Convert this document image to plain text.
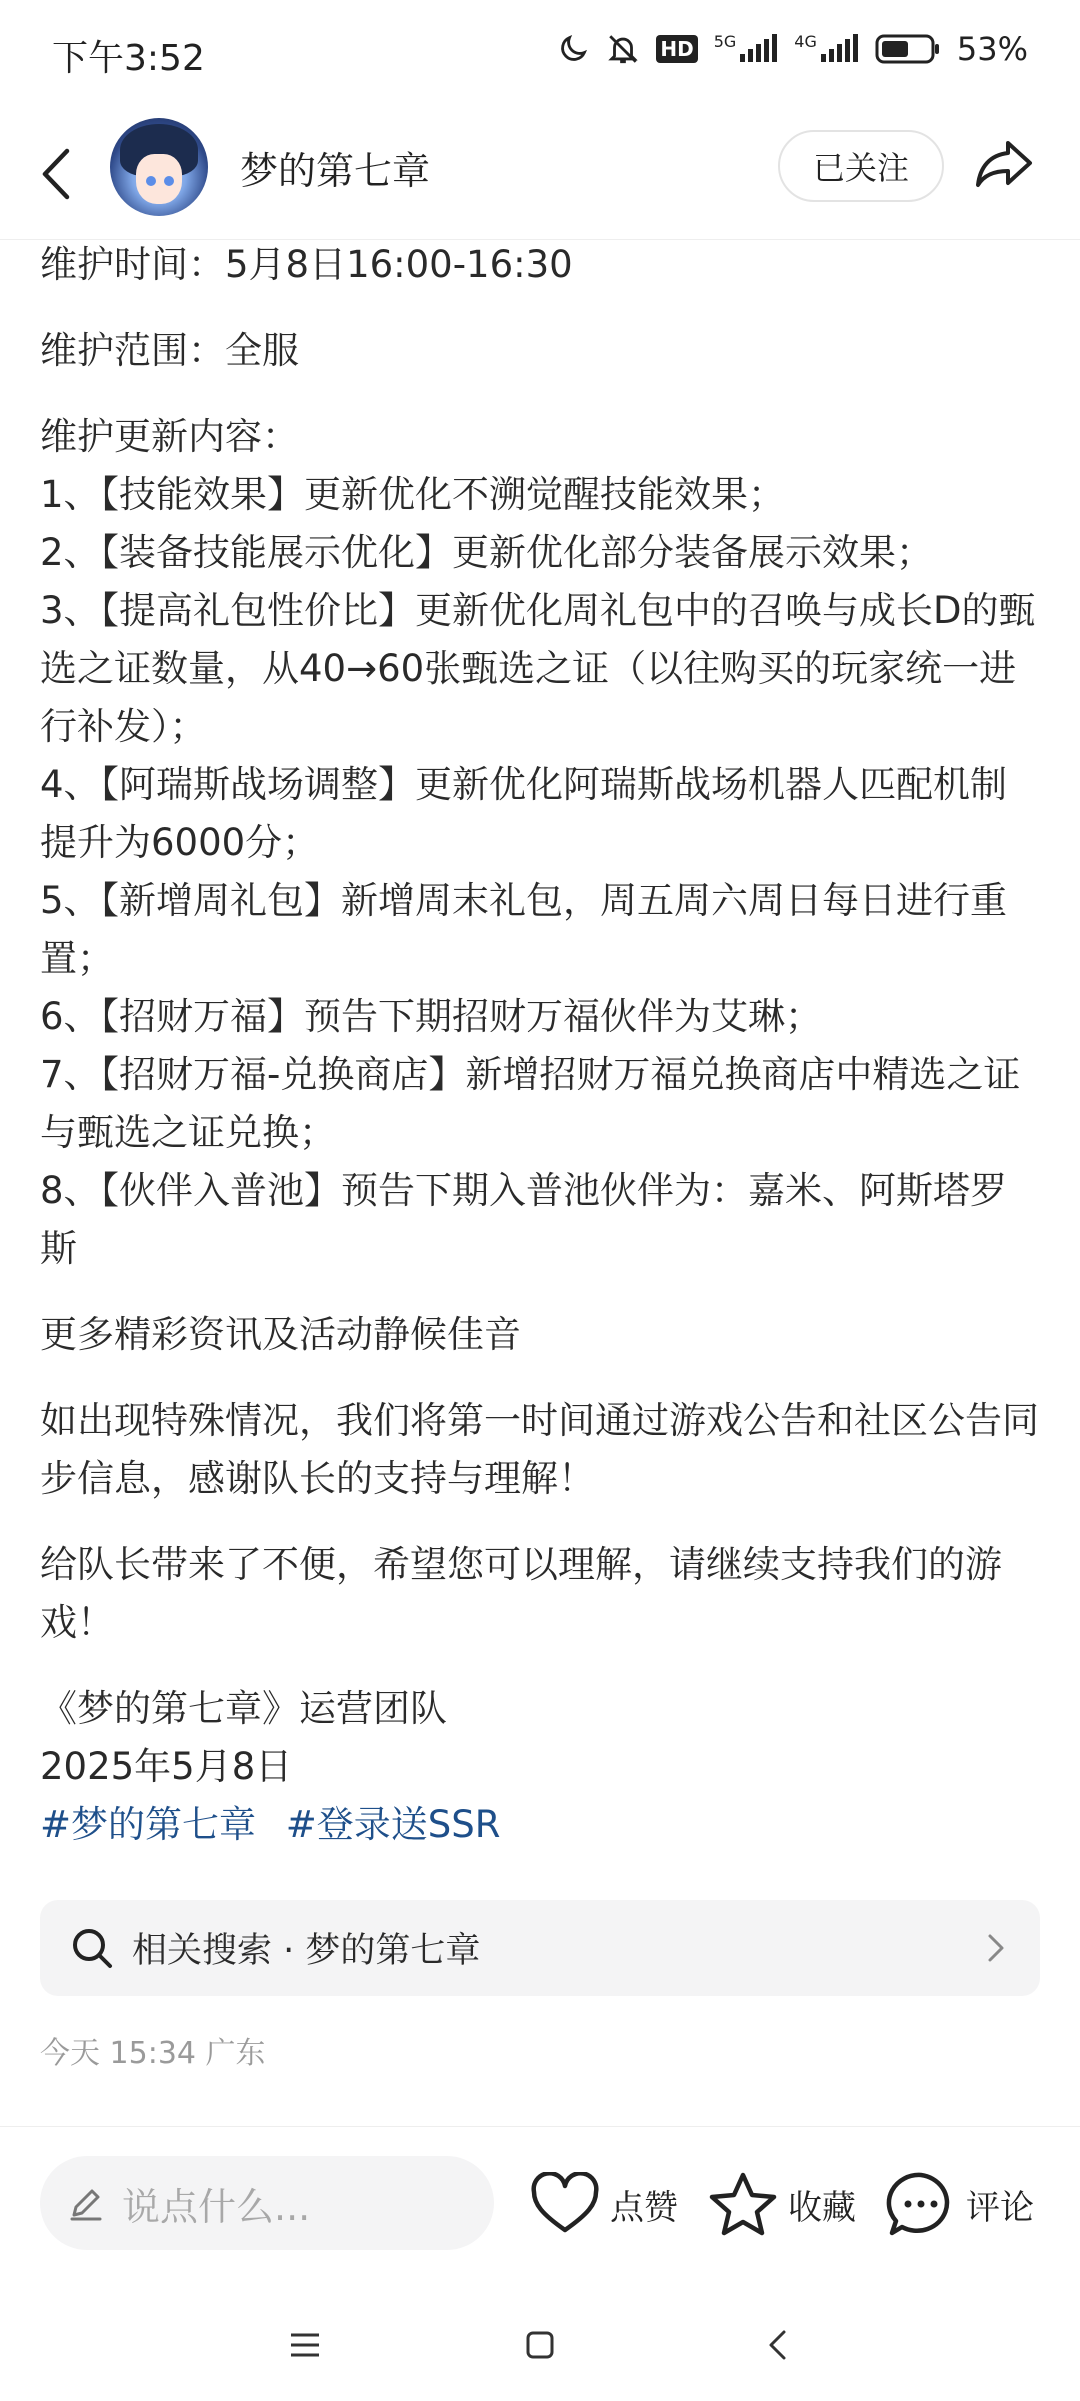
下午3:52	HD 5G	4G	53%
梦的第七章	已关注

维护时间：5月8日16:00-16:30

维护范围：全服

维护更新内容：

1、【技能效果】更新优化不溯觉醒技能效果；

2、【装备技能展示优化】更新优化部分装备展示效果；

3、【提高礼包性价比】更新优化周礼包中的召唤与成长D的甄选之证数量，从40→60张甄选之证（以往购买的玩家统一进行补发）；

4、【阿瑞斯战场调整】更新优化阿瑞斯战场机器人匹配机制提升为6000分；

5、【新增周礼包】新增周末礼包，周五周六周日每日进行重置；

6、【招财万福】预告下期招财万福伙伴为艾琳；

7、【招财万福-兑换商店】新增招财万福兑换商店中精选之证与甄选之证兑换；

8、【伙伴入普池】预告下期入普池伙伴为：嘉米、阿斯塔罗斯

更多精彩资讯及活动静候佳音

如出现特殊情况，我们将第一时间通过游戏公告和社区公告同步信息，感谢队长的支持与理解！

给队长带来了不便，希望您可以理解，请继续支持我们的游戏！

《梦的第七章》运营团队

2025年5月8日

#梦的第七章 #登录送SSR

相关搜索 · 梦的第七章
今天 15:34 广东
说点什么...	点赞	收藏	评论
